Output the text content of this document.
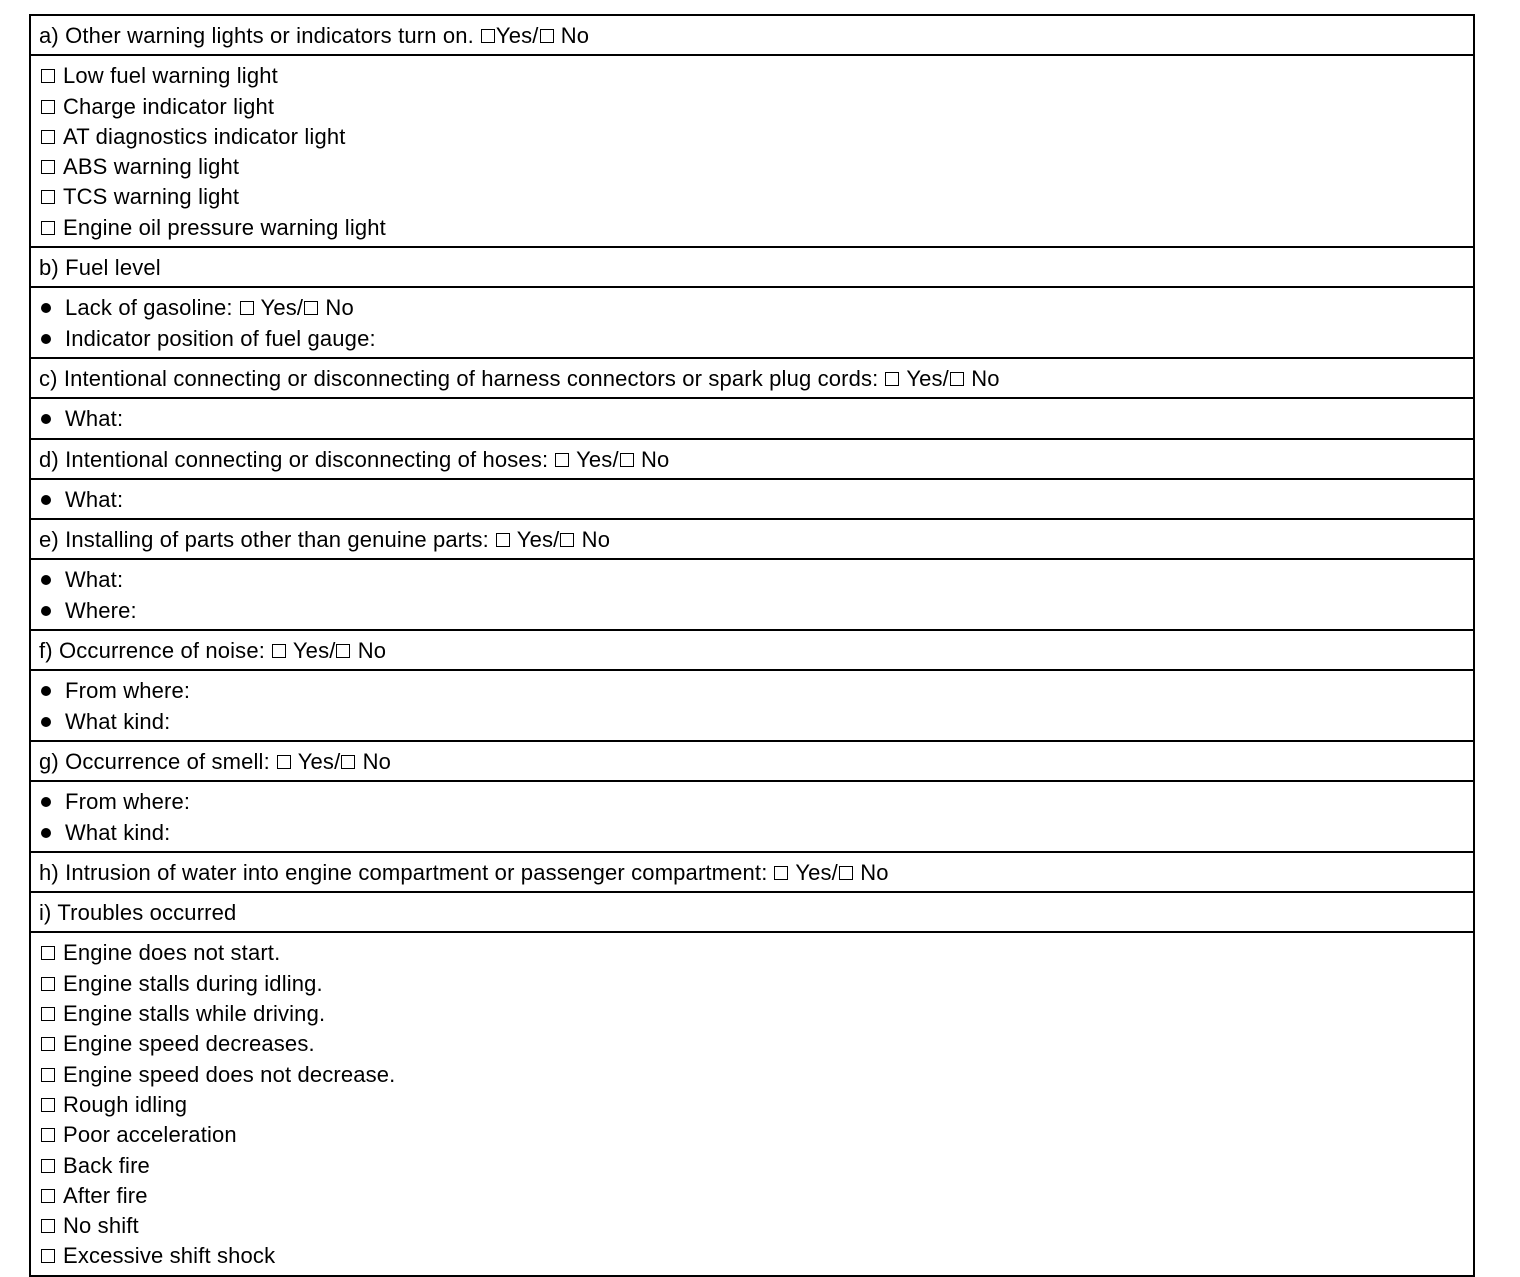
a) Other warning lights or indicators turn on. Yes/ No
Low fuel warning light
Charge indicator light
AT diagnostics indicator light
ABS warning light
TCS warning light
Engine oil pressure warning light
b) Fuel level
Lack of gasoline: Yes/ No
Indicator position of fuel gauge:
c) Intentional connecting or disconnecting of harness connectors or spark plug cords: Yes/ No
What:
d) Intentional connecting or disconnecting of hoses: Yes/ No
What:
e) Installing of parts other than genuine parts: Yes/ No
What:
Where:
f) Occurrence of noise: Yes/ No
From where:
What kind:
g) Occurrence of smell: Yes/ No
From where:
What kind:
h) Intrusion of water into engine compartment or passenger compartment: Yes/ No
i) Troubles occurred
Engine does not start.
Engine stalls during idling.
Engine stalls while driving.
Engine speed decreases.
Engine speed does not decrease.
Rough idling
Poor acceleration
Back fire
After fire
No shift
Excessive shift shock
